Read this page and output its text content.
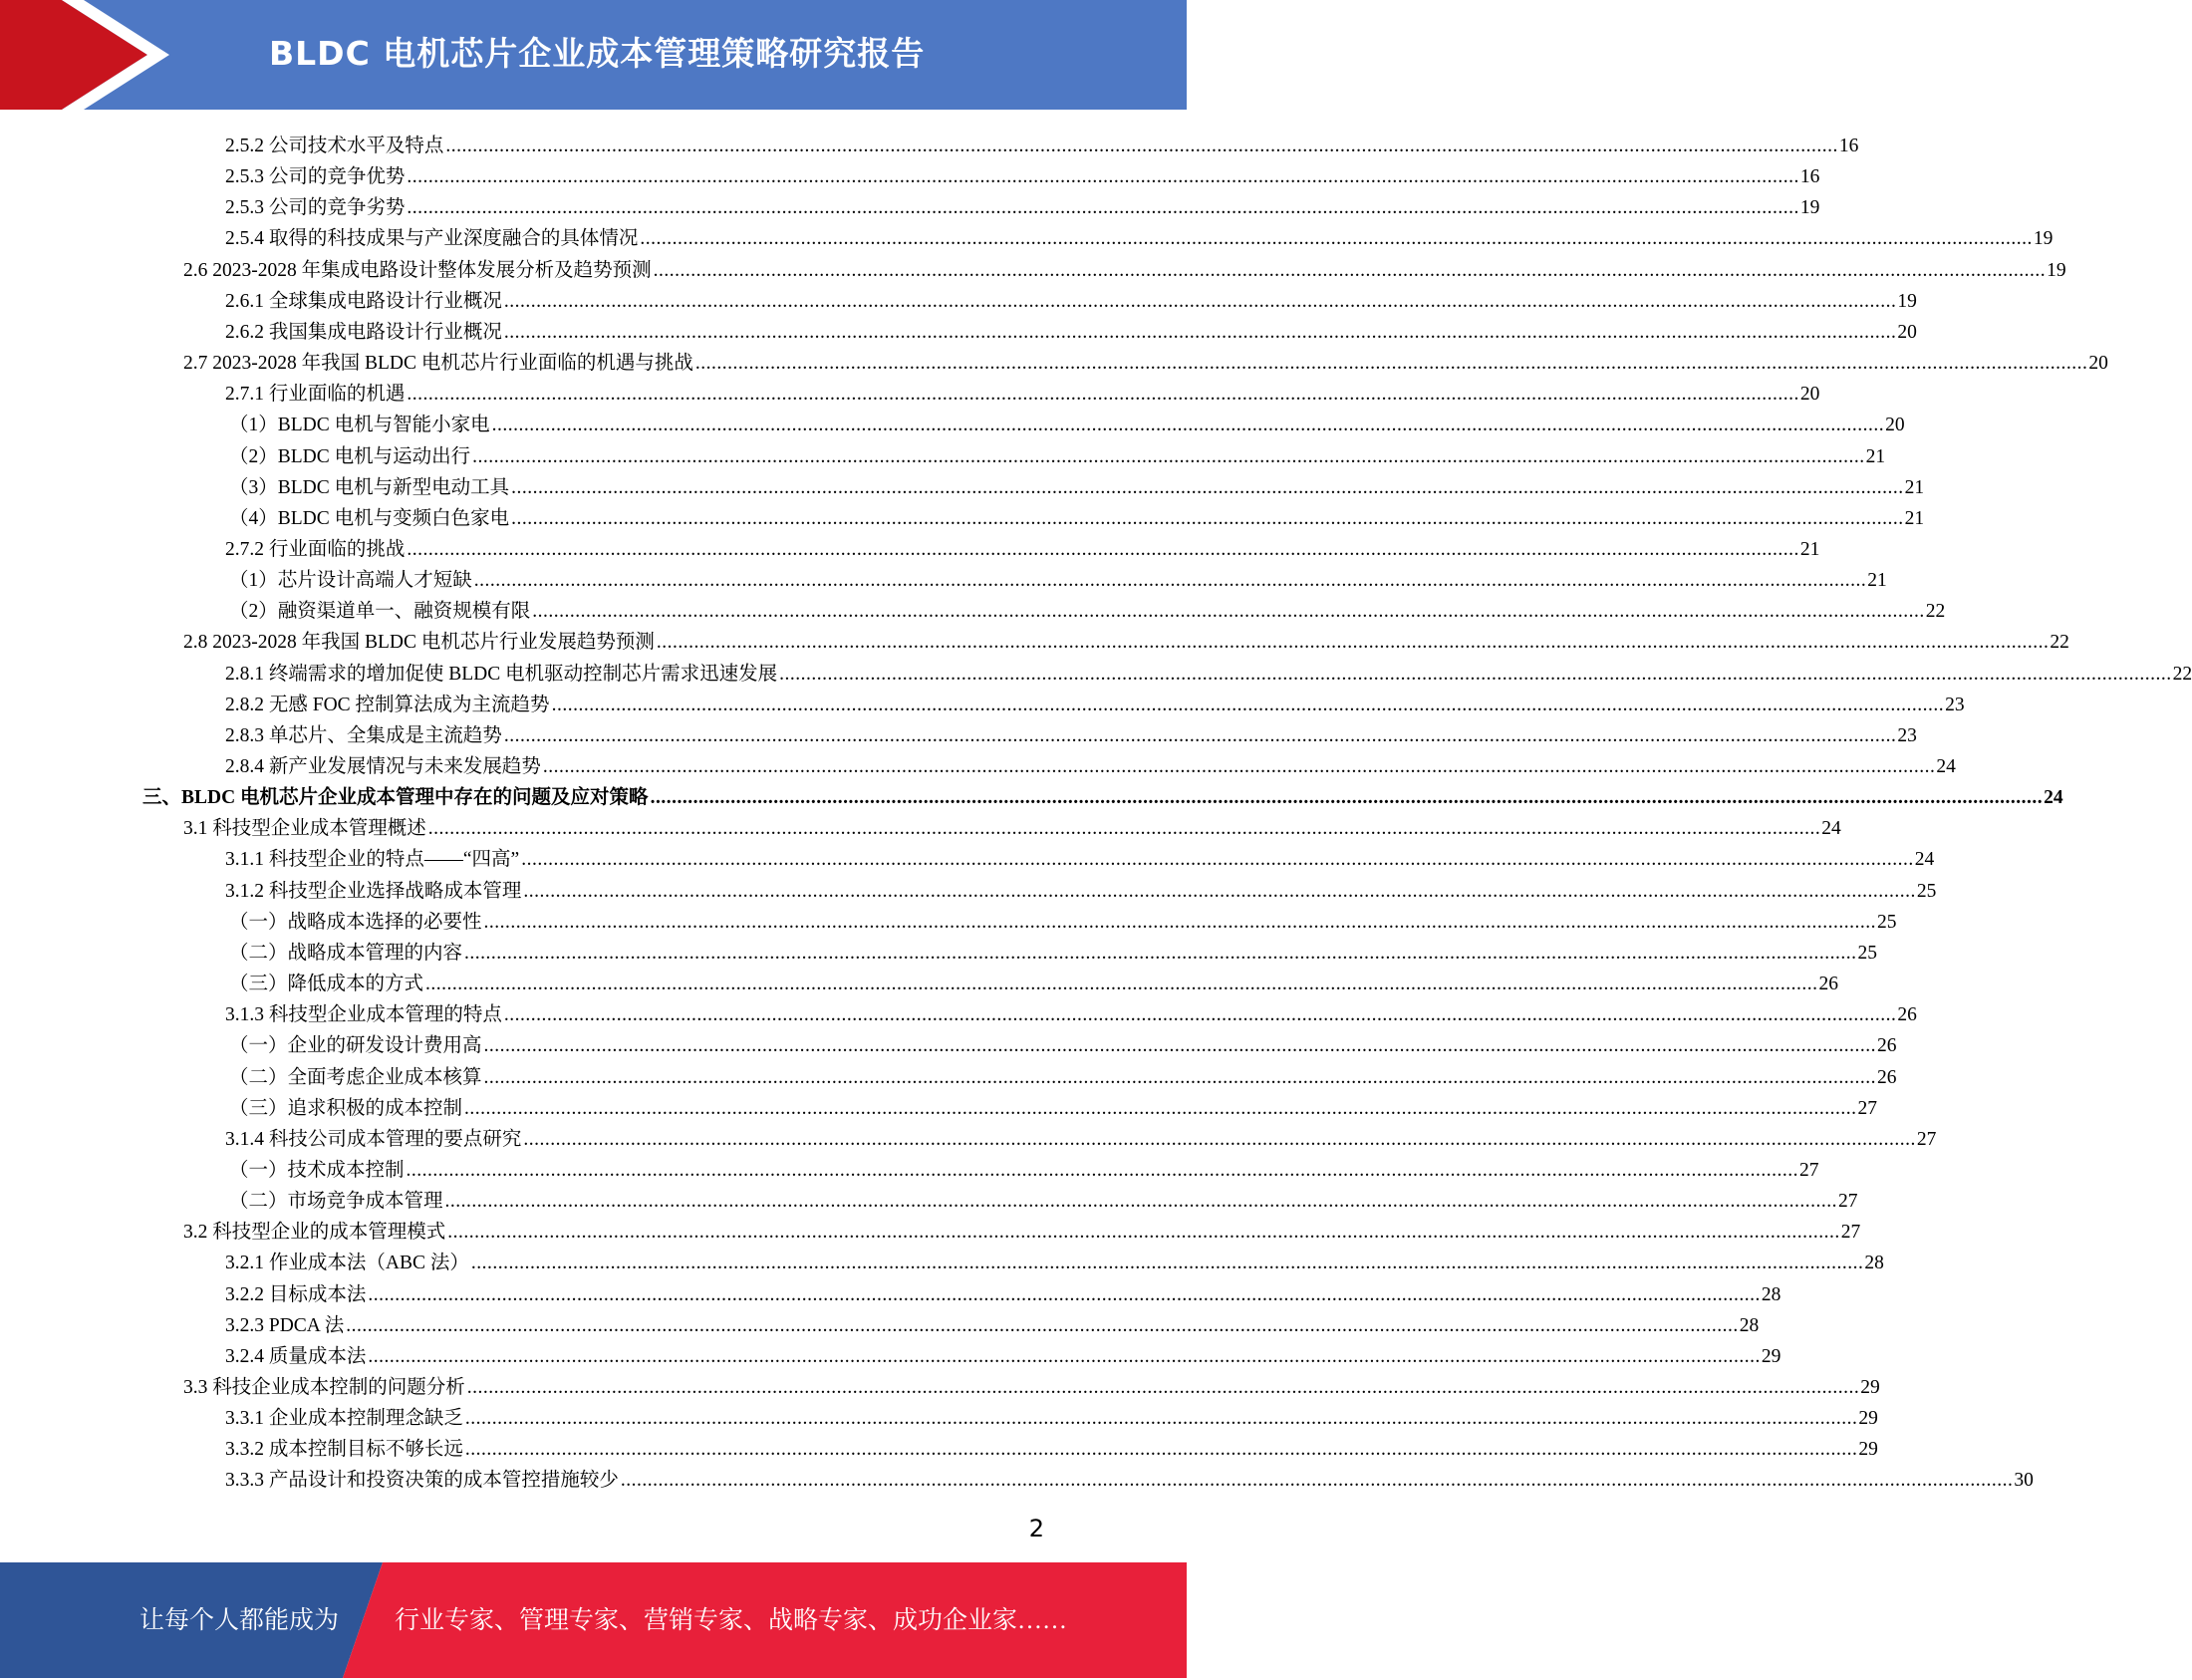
BLDC 电机芯片企业成本管理策略研究报告
2.5.2 公司技术水平及特点 .................................................................................................................................................................................................................................................................... 16
2.5.3 公司的竞争优势 .................................................................................................................................................................................................................................................................... 16
2.5.3 公司的竞争劣势 .................................................................................................................................................................................................................................................................... 19
2.5.4 取得的科技成果与产业深度融合的具体情况 .................................................................................................................................................................................................................................................................... 19
2.6 2023-2028 年集成电路设计整体发展分析及趋势预测 .................................................................................................................................................................................................................................................................... 19
2.6.1 全球集成电路设计行业概况 .................................................................................................................................................................................................................................................................... 19
2.6.2 我国集成电路设计行业概况 .................................................................................................................................................................................................................................................................... 20
2.7 2023-2028 年我国 BLDC 电机芯片行业面临的机遇与挑战 .................................................................................................................................................................................................................................................................... 20
2.7.1 行业面临的机遇 .................................................................................................................................................................................................................................................................... 20
（1）BLDC 电机与智能小家电 .................................................................................................................................................................................................................................................................... 20
（2）BLDC 电机与运动出行 .................................................................................................................................................................................................................................................................... 21
（3）BLDC 电机与新型电动工具 .................................................................................................................................................................................................................................................................... 21
（4）BLDC 电机与变频白色家电 .................................................................................................................................................................................................................................................................... 21
2.7.2 行业面临的挑战 .................................................................................................................................................................................................................................................................... 21
（1）芯片设计高端人才短缺 .................................................................................................................................................................................................................................................................... 21
（2）融资渠道单一、融资规模有限 .................................................................................................................................................................................................................................................................... 22
2.8 2023-2028 年我国 BLDC 电机芯片行业发展趋势预测 .................................................................................................................................................................................................................................................................... 22
2.8.1 终端需求的增加促使 BLDC 电机驱动控制芯片需求迅速发展 .................................................................................................................................................................................................................................................................... 22
2.8.2 无感 FOC 控制算法成为主流趋势 .................................................................................................................................................................................................................................................................... 23
2.8.3 单芯片、全集成是主流趋势 .................................................................................................................................................................................................................................................................... 23
2.8.4 新产业发展情况与未来发展趋势 .................................................................................................................................................................................................................................................................... 24
三、BLDC 电机芯片企业成本管理中存在的问题及应对策略 .................................................................................................................................................................................................................................................................... 24
3.1 科技型企业成本管理概述 .................................................................................................................................................................................................................................................................... 24
3.1.1 科技型企业的特点——“四高” .................................................................................................................................................................................................................................................................... 24
3.1.2 科技型企业选择战略成本管理 .................................................................................................................................................................................................................................................................... 25
（一）战略成本选择的必要性 .................................................................................................................................................................................................................................................................... 25
（二）战略成本管理的内容 .................................................................................................................................................................................................................................................................... 25
（三）降低成本的方式 .................................................................................................................................................................................................................................................................... 26
3.1.3 科技型企业成本管理的特点 .................................................................................................................................................................................................................................................................... 26
（一）企业的研发设计费用高 .................................................................................................................................................................................................................................................................... 26
（二）全面考虑企业成本核算 .................................................................................................................................................................................................................................................................... 26
（三）追求积极的成本控制 .................................................................................................................................................................................................................................................................... 27
3.1.4 科技公司成本管理的要点研究 .................................................................................................................................................................................................................................................................... 27
（一）技术成本控制 .................................................................................................................................................................................................................................................................... 27
（二）市场竞争成本管理 .................................................................................................................................................................................................................................................................... 27
3.2 科技型企业的成本管理模式 .................................................................................................................................................................................................................................................................... 27
3.2.1 作业成本法（ABC 法） .................................................................................................................................................................................................................................................................... 28
3.2.2 目标成本法 .................................................................................................................................................................................................................................................................... 28
3.2.3 PDCA 法 .................................................................................................................................................................................................................................................................... 28
3.2.4 质量成本法 .................................................................................................................................................................................................................................................................... 29
3.3 科技企业成本控制的问题分析 .................................................................................................................................................................................................................................................................... 29
3.3.1 企业成本控制理念缺乏 .................................................................................................................................................................................................................................................................... 29
3.3.2 成本控制目标不够长远 .................................................................................................................................................................................................................................................................... 29
3.3.3 产品设计和投资决策的成本管控措施较少 .................................................................................................................................................................................................................................................................... 30
2
让每个人都能成为 行业专家、管理专家、营销专家、战略专家、成功企业家……
